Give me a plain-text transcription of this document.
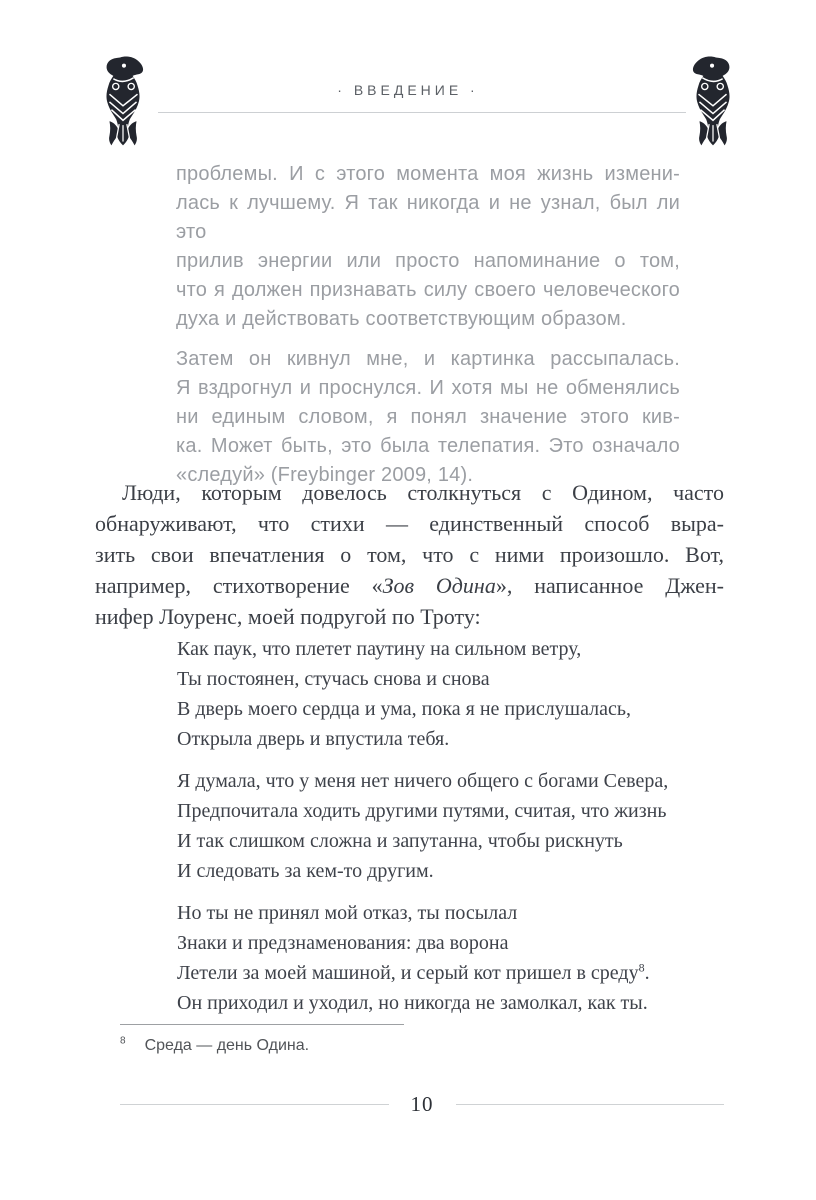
· ВВЕДЕНИЕ ·
проблемы. И с этого момента моя жизнь измени-
лась к лучшему. Я так никогда и не узнал, был ли это
прилив энергии или просто напоминание о том,
что я должен признавать силу своего человеческого
духа и действовать соответствующим образом.
Затем он кивнул мне, и картинка рассыпалась.
Я вздрогнул и проснулся. И хотя мы не обменялись
ни единым словом, я понял значение этого кив-
ка. Может быть, это была телепатия. Это означало
«следуй» (Freybinger 2009, 14).
Люди, которым довелось столкнуться с Одином, часто
обнаруживают, что стихи — единственный способ выра-
зить свои впечатления о том, что с ними произошло. Вот,
например, стихотворение «Зов Одина», написанное Джен-
нифер Лоуренс, моей подругой по Троту:
Как паук, что плетет паутину на сильном ветру,
Ты постоянен, стучась снова и снова
В дверь моего сердца и ума, пока я не прислушалась,
Открыла дверь и впустила тебя.
Я думала, что у меня нет ничего общего с богами Севера,
Предпочитала ходить другими путями, считая, что жизнь
И так слишком сложна и запутанна, чтобы рискнуть
И следовать за кем-то другим.
Но ты не принял мой отказ, ты посылал
Знаки и предзнаменования: два ворона
Летели за моей машиной, и серый кот пришел в среду$^8$.
Он приходил и уходил, но никогда не замолкал, как ты.
$^8$ Среда — день Одина.
10
